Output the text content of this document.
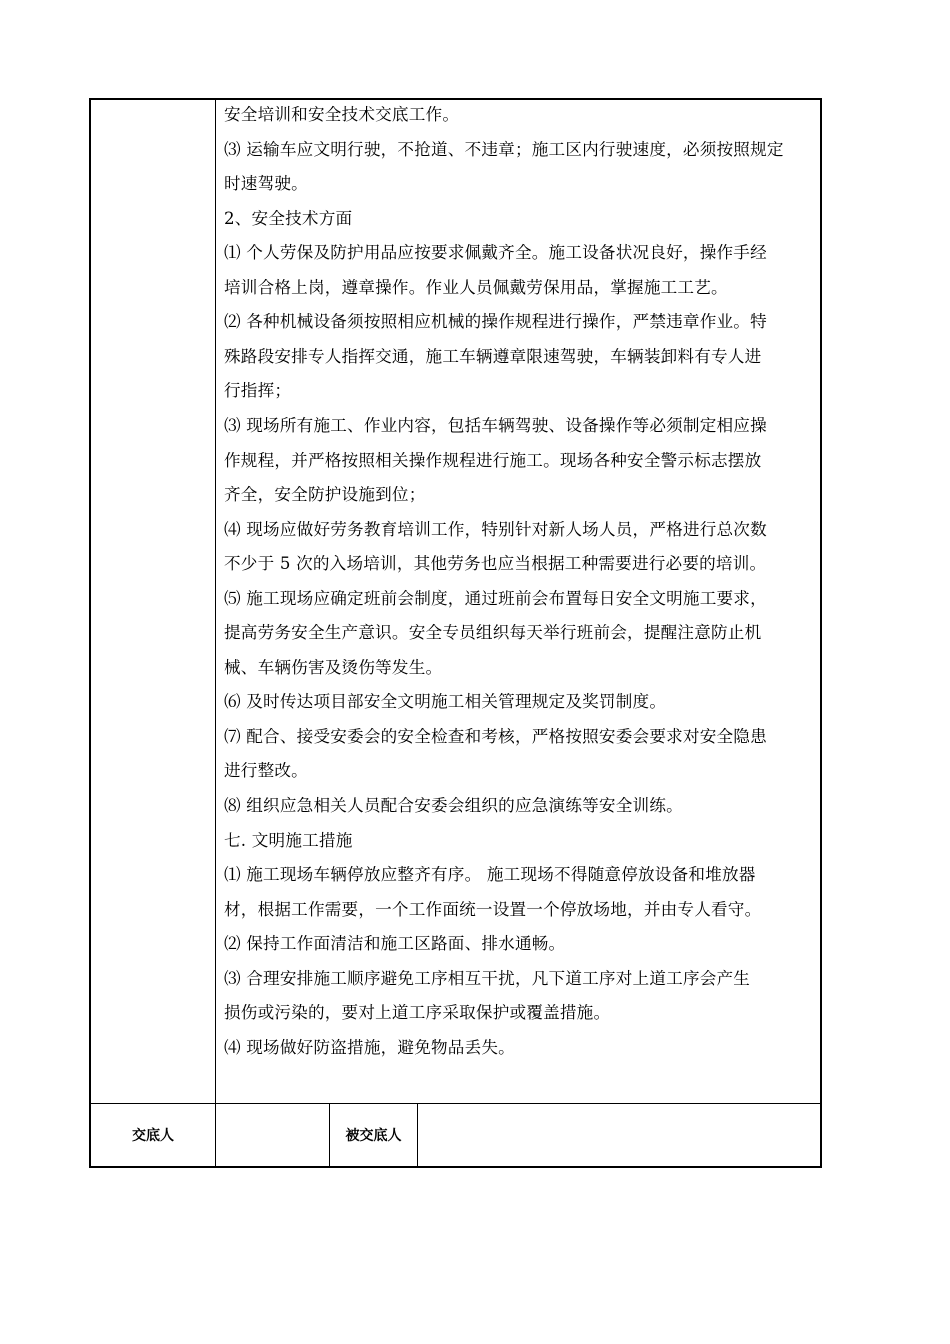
安全培训和安全技术交底工作。
⑶ 运输车应文明行驶，不抢道、不违章；施工区内行驶速度，必须按照规定
时速驾驶。
2、安全技术方面
⑴ 个人劳保及防护用品应按要求佩戴齐全。施工设备状况良好，操作手经
培训合格上岗，遵章操作。作业人员佩戴劳保用品，掌握施工工艺。
⑵ 各种机械设备须按照相应机械的操作规程进行操作，严禁违章作业。特
殊路段安排专人指挥交通，施工车辆遵章限速驾驶，车辆装卸料有专人进
行指挥；
⑶ 现场所有施工、作业内容，包括车辆驾驶、设备操作等必须制定相应操
作规程，并严格按照相关操作规程进行施工。现场各种安全警示标志摆放
齐全，安全防护设施到位；
⑷ 现场应做好劳务教育培训工作，特别针对新人场人员，严格进行总次数
不少于 5 次的入场培训，其他劳务也应当根据工种需要进行必要的培训。
⑸ 施工现场应确定班前会制度，通过班前会布置每日安全文明施工要求，
提高劳务安全生产意识。安全专员组织每天举行班前会，提醒注意防止机
械、车辆伤害及烫伤等发生。
⑹ 及时传达项目部安全文明施工相关管理规定及奖罚制度。
⑺ 配合、接受安委会的安全检查和考核，严格按照安委会要求对安全隐患
进行整改。
⑻ 组织应急相关人员配合安委会组织的应急演练等安全训练。
七. 文明施工措施
⑴ 施工现场车辆停放应整齐有序。 施工现场不得随意停放设备和堆放器
材，根据工作需要，一个工作面统一设置一个停放场地，并由专人看守。
⑵ 保持工作面清洁和施工区路面、排水通畅。
⑶ 合理安排施工顺序避免工序相互干扰，凡下道工序对上道工序会产生
损伤或污染的，要对上道工序采取保护或覆盖措施。
⑷ 现场做好防盗措施，避免物品丢失。
交底人	被交底人
